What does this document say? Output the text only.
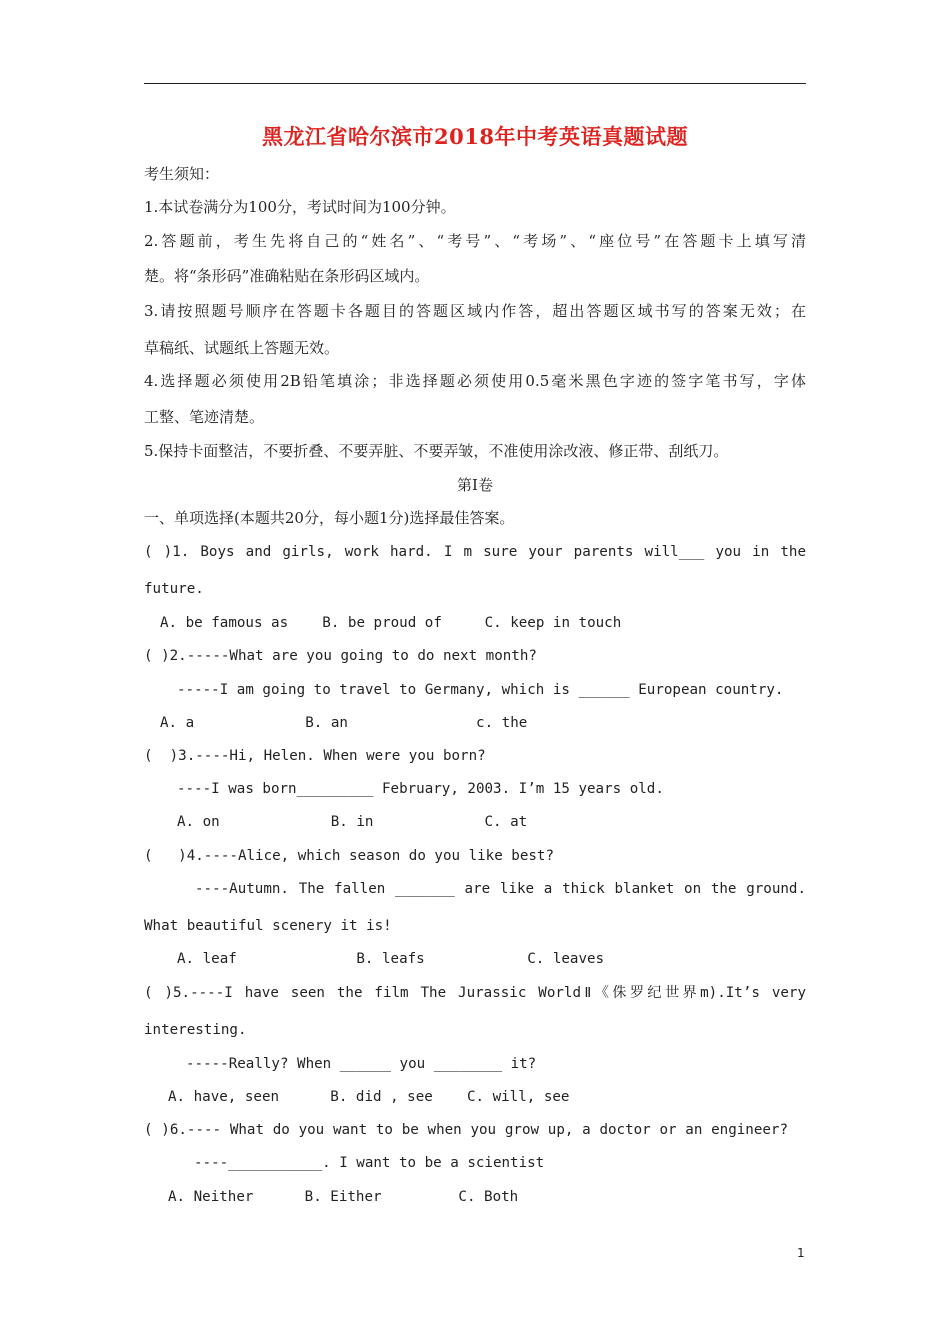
黑龙江省哈尔滨市2018年中考英语真题试题
考生须知：
1.本试卷满分为100分，考试时间为100分钟。
2.答题前，考生先将自己的“姓名”、“考号”、“考场”、“座位号”在答题卡上填写清
楚。将“条形码”准确粘贴在条形码区域内。
3.请按照题号顺序在答题卡各题目的答题区域内作答，超出答题区域书写的答案无效；在
草稿纸、试题纸上答题无效。
4.选择题必须使用2B铅笔填涂；非选择题必须使用0.5毫米黑色字迹的签字笔书写，字体
工整、笔迹清楚。
5.保持卡面整洁，不要折叠、不要弄脏、不要弄皱，不准使用涂改液、修正带、刮纸刀。
第I卷
一、单项选择(本题共20分，每小题1分)选择最佳答案。
( )1. Boys and girls, work hard. I m sure your parents will___ you in the
future.
A. be famous as    B. be proud of     C. keep in touch
( )2.-----What are you going to do next month?
-----I am going to travel to Germany, which is ______ European country.
A. a             B. an               c. the
(  )3.----Hi, Helen. When were you born?
----I was born_________ February, 2003. I’m 15 years old.
A. on             B. in             C. at
(   )4.----Alice, which season do you like best?
----Autumn. The fallen _______ are like a thick blanket on the ground.
What beautiful scenery it is!
A. leaf              B. leafs            C. leaves
( )5.----I have seen the film The Jurassic WorldⅡ《侏罗纪世界m).It’s very
interesting.
-----Really? When ______ you ________ it?
A. have, seen      B. did , see    C. will, see
( )6.---- What do you want to be when you grow up, a doctor or an engineer?
----___________. I want to be a scientist
A. Neither      B. Either         C. Both
1
